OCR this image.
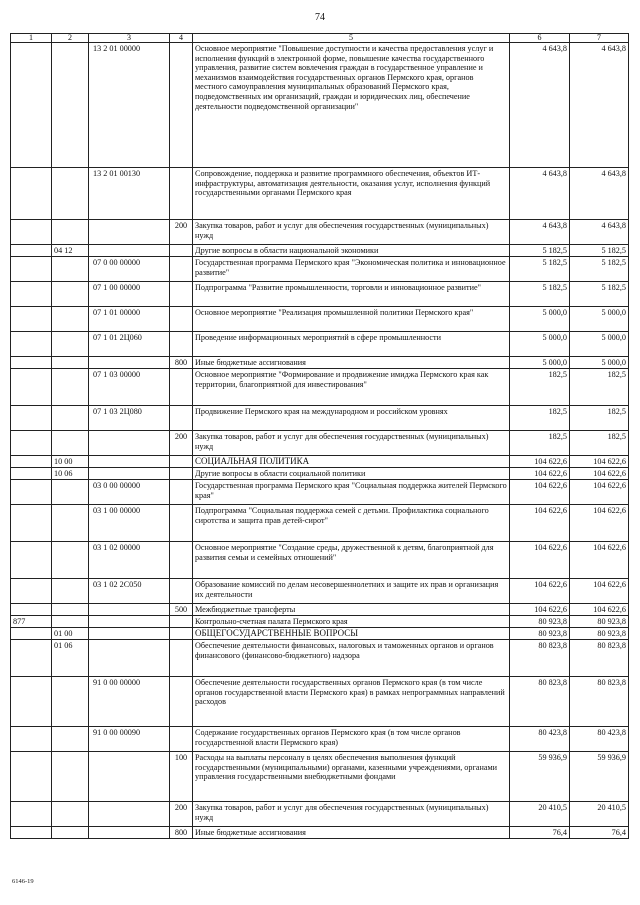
74
1	2	3	4	5	6	7
		13 2 01 00000		Основное мероприятие "Повышение доступности и качества предоставления услуг и исполнения функций в электронной форме, повышение качества государственного управления, развитие систем вовлечения граждан в государственное управление и механизмов взаимодействия государственных органов Пермского края, органов местного самоуправления муниципальных образований Пермского края, подведомственных им организаций, граждан и юридических лиц, обеспечение деятельности подведомственной организации"	4 643,8	4 643,8
		13 2 01 00130		Сопровождение, поддержка и развитие программного обеспечения, объектов ИТ-инфраструктуры, автоматизация деятельности, оказания услуг, исполнения функций государственными органами Пермского края	4 643,8	4 643,8
			200	Закупка товаров, работ и услуг для обеспечения государственных (муниципальных) нужд	4 643,8	4 643,8
	04 12			Другие вопросы в области национальной экономики	5 182,5	5 182,5
		07 0 00 00000		Государственная программа Пермского края "Экономическая политика и инновационное развитие"	5 182,5	5 182,5
		07 1 00 00000		Подпрограмма "Развитие промышленности, торговли и инновационное развитие"	5 182,5	5 182,5
		07 1 01 00000		Основное мероприятие "Реализация промышленной политики Пермского края"	5 000,0	5 000,0
		07 1 01 2Ц060		Проведение информационных мероприятий в сфере промышленности	5 000,0	5 000,0
			800	Иные бюджетные ассигнования	5 000,0	5 000,0
		07 1 03 00000		Основное мероприятие "Формирование и продвижение имиджа Пермского края как территории, благоприятной для инвестирования"	182,5	182,5
		07 1 03 2Ц080		Продвижение Пермского края на международном и российском уровнях	182,5	182,5
			200	Закупка товаров, работ и услуг для обеспечения государственных (муниципальных) нужд	182,5	182,5
	10 00			СОЦИАЛЬНАЯ ПОЛИТИКА	104 622,6	104 622,6
	10 06			Другие вопросы в области социальной политики	104 622,6	104 622,6
		03 0 00 00000		Государственная программа Пермского края "Социальная поддержка жителей Пермского края"	104 622,6	104 622,6
		03 1 00 00000		Подпрограмма "Социальная поддержка семей с детьми. Профилактика социального сиротства и защита прав детей-сирот"	104 622,6	104 622,6
		03 1 02 00000		Основное мероприятие "Создание среды, дружественной к детям, благоприятной для развития семьи и семейных отношений"	104 622,6	104 622,6
		03 1 02 2С050		Образование комиссий по делам несовершеннолетних и защите их прав и организация их деятельности	104 622,6	104 622,6
			500	Межбюджетные трансферты	104 622,6	104 622,6
877				Контрольно-счетная палата Пермского края	80 923,8	80 923,8
	01 00			ОБЩЕГОСУДАРСТВЕННЫЕ ВОПРОСЫ	80 923,8	80 923,8
	01 06			Обеспечение деятельности финансовых, налоговых и таможенных органов и органов финансового (финансово-бюджетного) надзора	80 823,8	80 823,8
		91 0 00 00000		Обеспечение деятельности государственных органов Пермского края (в том числе органов государственной власти Пермского края) в рамках непрограммных направлений расходов	80 823,8	80 823,8
		91 0 00 00090		Содержание государственных органов Пермского края (в том числе органов государственной власти Пермского края)	80 423,8	80 423,8
			100	Расходы на выплаты персоналу в целях обеспечения выполнения функций государственными (муниципальными) органами, казенными учреждениями, органами управления государственными внебюджетными фондами	59 936,9	59 936,9
			200	Закупка товаров, работ и услуг для обеспечения государственных (муниципальных) нужд	20 410,5	20 410,5
			800	Иные бюджетные ассигнования	76,4	76,4
6146-19
